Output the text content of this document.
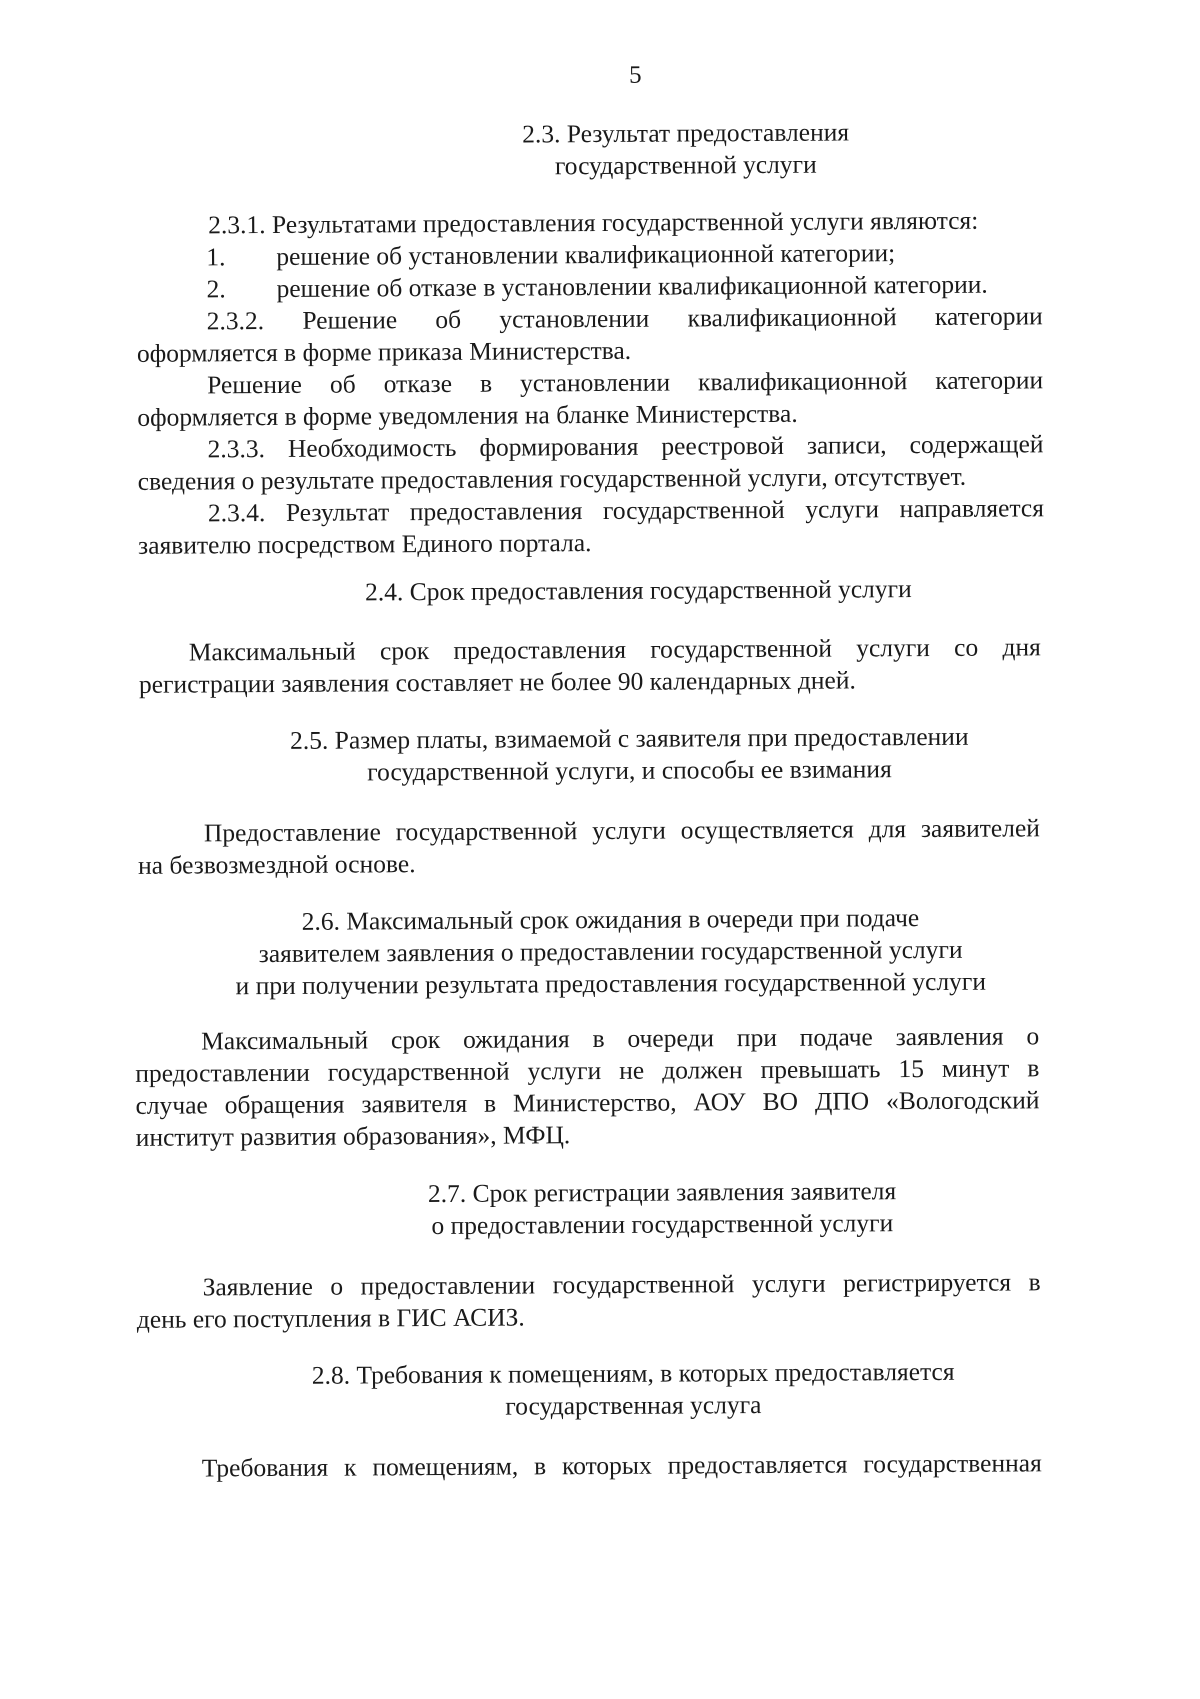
5
2.3. Результат предоставления
государственной услуги
2.3.1. Результатами предоставления государственной услуги являются:
1. решение об установлении квалификационной категории;
2. решение об отказе в установлении квалификационной категории.
2.3.2. Решение об установлении квалификационной категории
оформляется в форме приказа Министерства.
Решение об отказе в установлении квалификационной категории
оформляется в форме уведомления на бланке Министерства.
2.3.3. Необходимость формирования реестровой записи, содержащей
сведения о результате предоставления государственной услуги, отсутствует.
2.3.4. Результат предоставления государственной услуги направляется
заявителю посредством Единого портала.
2.4. Срок предоставления государственной услуги
Максимальный срок предоставления государственной услуги со дня
регистрации заявления составляет не более 90 календарных дней.
2.5. Размер платы, взимаемой с заявителя при предоставлении
государственной услуги, и способы ее взимания
Предоставление государственной услуги осуществляется для заявителей
на безвозмездной основе.
2.6. Максимальный срок ожидания в очереди при подаче
заявителем заявления о предоставлении государственной услуги
и при получении результата предоставления государственной услуги
Максимальный срок ожидания в очереди при подаче заявления о
предоставлении государственной услуги не должен превышать 15 минут в
случае обращения заявителя в Министерство, АОУ ВО ДПО «Вологодский
институт развития образования», МФЦ.
2.7. Срок регистрации заявления заявителя
о предоставлении государственной услуги
Заявление о предоставлении государственной услуги регистрируется в
день его поступления в ГИС АСИЗ.
2.8. Требования к помещениям, в которых предоставляется
государственная услуга
Требования к помещениям, в которых предоставляется государственная
